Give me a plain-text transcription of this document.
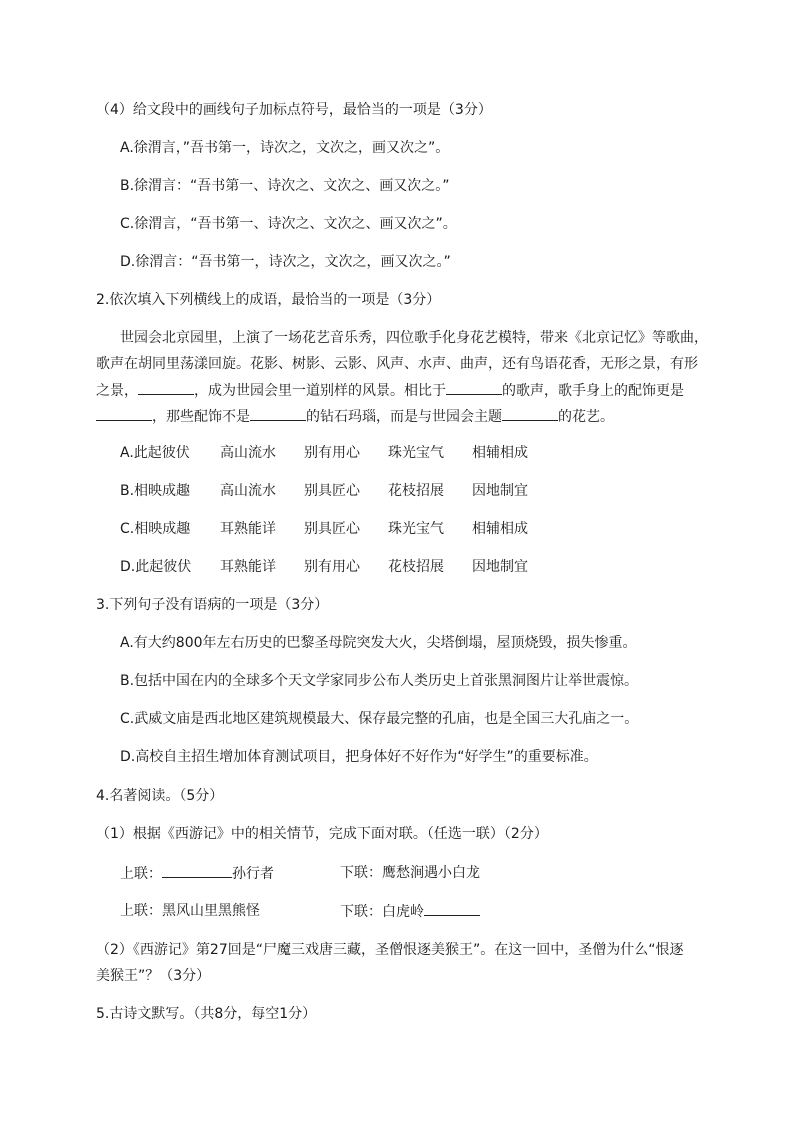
（4）给文段中的画线句子加标点符号，最恰当的一项是（3分）
A.徐渭言，”吾书第一，诗次之，文次之，画又次之”。
B.徐渭言：“吾书第一、诗次之、文次之、画又次之。”
C.徐渭言，“吾书第一、诗次之、文次之、画又次之”。
D.徐渭言：“吾书第一，诗次之，文次之，画又次之。”
2.依次填入下列横线上的成语，最恰当的一项是（3分）
世园会北京园里，上演了一场花艺音乐秀，四位歌手化身花艺模特，带来《北京记忆》等歌曲，
歌声在胡同里荡漾回旋。花影、树影、云影、风声、水声、曲声，还有鸟语花香，无形之景，有形
之景，	，成为世园会里一道别样的风景。相比于	的歌声，歌手身上的配饰更是
，那些配饰不是	的钻石玛瑙，而是与世园会主题	的花艺。
A.此起彼伏 高山流水 别有用心 珠光宝气 相辅相成
B.相映成趣 高山流水 别具匠心 花枝招展 因地制宜
C.相映成趣 耳熟能详 别具匠心 珠光宝气 相辅相成
D.此起彼伏 耳熟能详 别有用心 花枝招展 因地制宜
3.下列句子没有语病的一项是（3分）
A.有大约800年左右历史的巴黎圣母院突发大火，尖塔倒塌，屋顶烧毁，损失惨重。
B.包括中国在内的全球多个天文学家同步公布人类历史上首张黑洞图片让举世震惊。
C.武威文庙是西北地区建筑规模最大、保存最完整的孔庙，也是全国三大孔庙之一。
D.高校自主招生增加体育测试项目，把身体好不好作为“好学生”的重要标准。
4.名著阅读。（5分）
（1）根据《西游记》中的相关情节，完成下面对联。（任选一联）（2分）
上联：	孙行者	下联：鹰愁涧遇小白龙
上联：黑风山里黑熊怪	下联：白虎岭
（2）《西游记》第27回是“尸魔三戏唐三藏，圣僧恨逐美猴王”。在这一回中，圣僧为什么“恨逐
美猴王”？（3分）
5.古诗文默写。（共8分，每空1分）
